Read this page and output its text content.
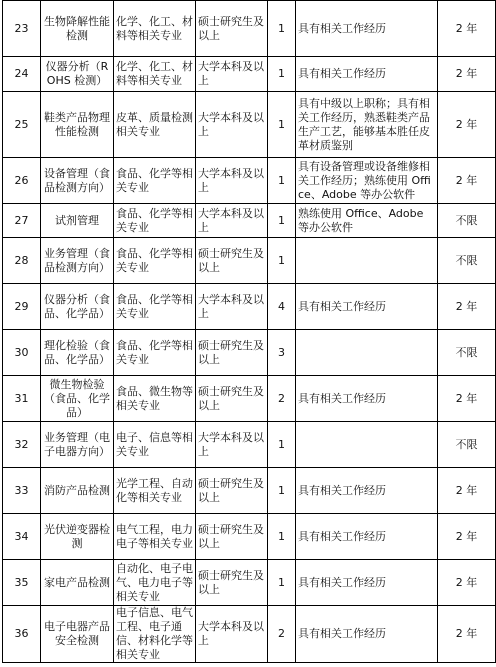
23	生物降解性能检测	化学、化工、材料等相关专业	硕士研究生及以上	1	具有相关工作经历	2 年
24	仪器分析（ROHS 检测）	化学、化工、材料等相关专业	大学本科及以上	1	具有相关工作经历	2 年
25	鞋类产品物理性能检测	皮革、质量检测相关专业	大学本科及以上	1	具有中级以上职称；具有相关工作经历，熟悉鞋类产品生产工艺，能够基本胜任皮革材质鉴别	2 年
26	设备管理（食品检测方向）	食品、化学等相关专业	大学本科及以上	1	具有设备管理或设备维修相关工作经历；熟练使用 Office、Adobe 等办公软件	2 年
27	试剂管理	食品、化学等相关专业	大学本科及以上	1	熟练使用 Office、Adobe 等办公软件	不限
28	业务管理（食品检测方向）	食品、化学等相关专业	硕士研究生及以上	1		不限
29	仪器分析（食品、化学品）	食品、化学等相关专业	大学本科及以上	4	具有相关工作经历	2 年
30	理化检验（食品、化学品）	食品、化学等相关专业	硕士研究生及以上	3		不限
31	微生物检验（食品、化学品）	食品、微生物等相关专业	硕士研究生及以上	2	具有相关工作经历	2 年
32	业务管理（电子电器方向）	电子、信息等相关专业	大学本科及以上	1		不限
33	消防产品检测	光学工程、自动化等相关专业	硕士研究生及以上	1	具有相关工作经历	2 年
34	光伏逆变器检测	电气工程，电力电子等相关专业	硕士研究生及以上	1	具有相关工作经历	2 年
35	家电产品检测	自动化、电子电气、电力电子等相关专业	硕士研究生及以上	1	具有相关工作经历	2 年
36	电子电器产品安全检测	电子信息、电气工程、电子通信、材料化学等相关专业	大学本科及以上	2	具有相关工作经历	2 年
